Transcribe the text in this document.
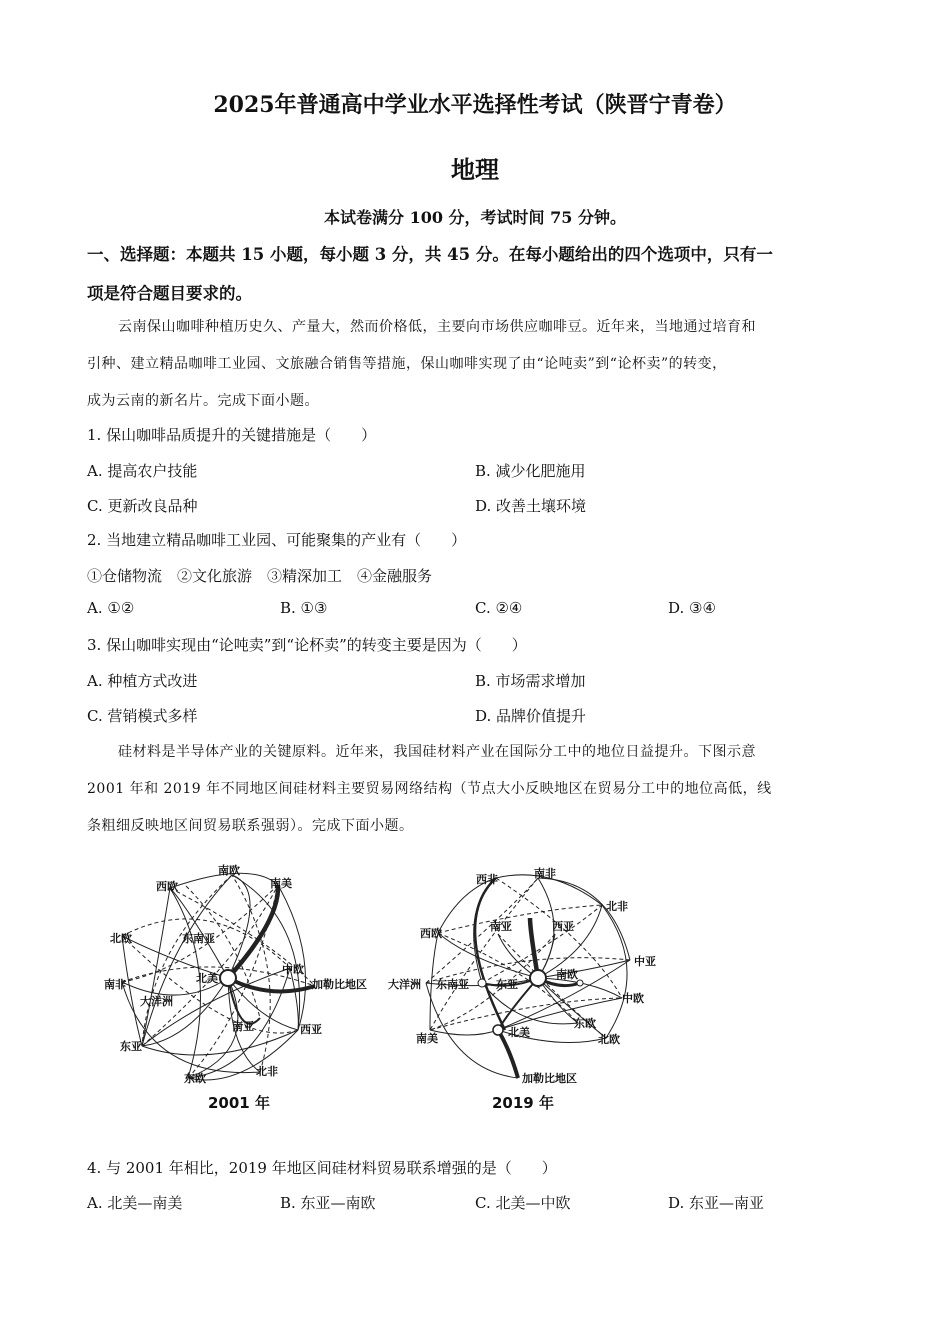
2025年普通高中学业水平选择性考试（陕晋宁青卷）
地理
本试卷满分 100 分，考试时间 75 分钟。
一、选择题：本题共 15 小题，每小题 3 分，共 45 分。在每小题给出的四个选项中，只有一
项是符合题目要求的。
云南保山咖啡种植历史久、产量大，然而价格低，主要向市场供应咖啡豆。近年来，当地通过培育和
引种、建立精品咖啡工业园、文旅融合销售等措施，保山咖啡实现了由“论吨卖”到“论杯卖”的转变，
成为云南的新名片。完成下面小题。
1. 保山咖啡品质提升的关键措施是（　　）
A. 提高农户技能	B. 减少化肥施用
C. 更新改良品种	D. 改善土壤环境
2. 当地建立精品咖啡工业园、可能聚集的产业有（　　）
①仓储物流　②文化旅游　③精深加工　④金融服务
A. ①②	B. ①③	C. ②④	D. ③④
3. 保山咖啡实现由“论吨卖”到“论杯卖”的转变主要是因为（　　）
A. 种植方式改进	B. 市场需求增加
C. 营销模式多样	D. 品牌价值提升
硅材料是半导体产业的关键原料。近年来，我国硅材料产业在国际分工中的地位日益提升。下图示意
2001 年和 2019 年不同地区间硅材料主要贸易网络结构（节点大小反映地区在贸易分工中的地位高低，线
条粗细反映地区间贸易联系强弱）。完成下面小题。
南欧
南美
西欧
北欧	东南亚
中欧
南非	北美	加勒比地区
大洋洲
南亚	西亚
东亚
东欧
北非
2001 年
西非	南非
北非
西欧
南亚	西亚
中亚
大洋洲 东南亚 东亚
南欧
中欧
东欧
北美
南美	北欧
加勒比地区
2019 年
4. 与 2001 年相比，2019 年地区间硅材料贸易联系增强的是（　　）
A. 北美—南美	B. 东亚—南欧	C. 北美—中欧	D. 东亚—南亚
